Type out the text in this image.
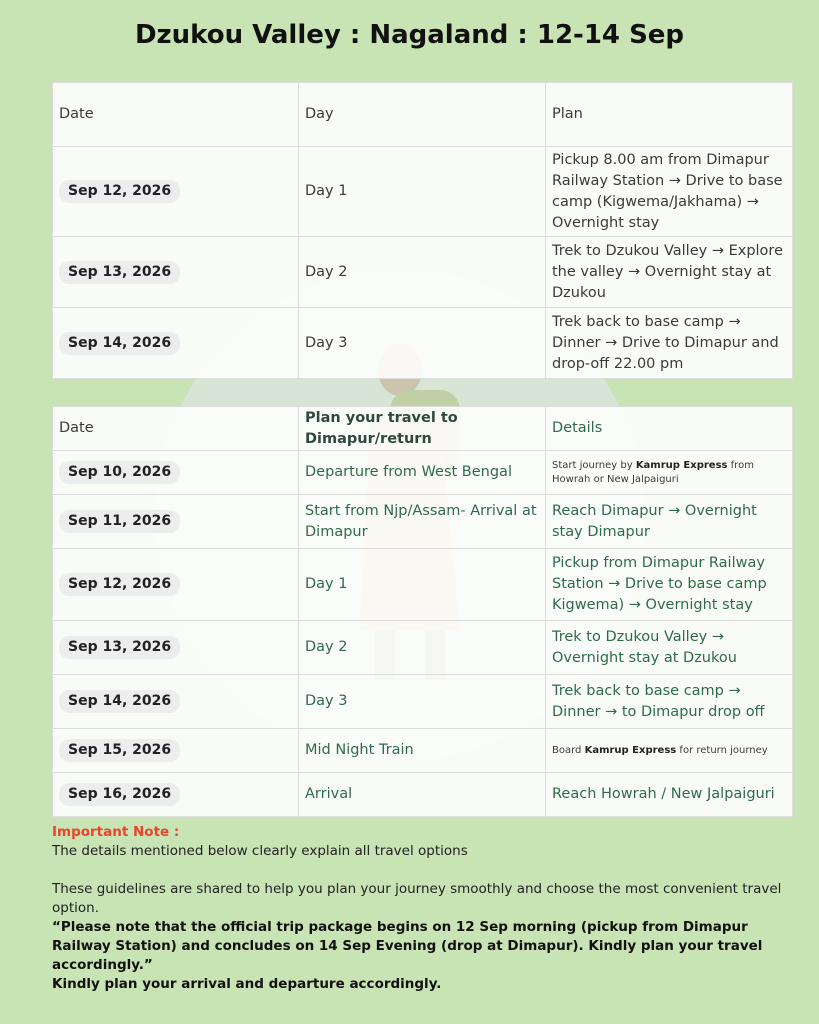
Dzukou Valley : Nagaland : 12-14 Sep
Date	Day	Plan
Sep 12, 2026	Day 1	Pickup 8.00 am from Dimapur Railway Station → Drive to base camp (Kigwema/Jakhama) → Overnight stay
Sep 13, 2026	Day 2	Trek to Dzukou Valley → Explore the valley → Overnight stay at Dzukou
Sep 14, 2026	Day 3	Trek back to base camp → Dinner → Drive to Dimapur and drop-off 22.00 pm
Date	Plan your travel to Dimapur/return	Details
Sep 10, 2026	Departure from West Bengal	Start journey by Kamrup Express from Howrah or New Jalpaiguri
Sep 11, 2026	Start from Njp/Assam- Arrival at Dimapur	Reach Dimapur → Overnight stay Dimapur
Sep 12, 2026	Day 1	Pickup from Dimapur Railway Station → Drive to base camp Kigwema) → Overnight stay
Sep 13, 2026	Day 2	Trek to Dzukou Valley → Overnight stay at Dzukou
Sep 14, 2026	Day 3	Trek back to base camp → Dinner → to Dimapur drop off
Sep 15, 2026	Mid Night Train	Board Kamrup Express for return journey
Sep 16, 2026	Arrival	Reach Howrah / New Jalpaiguri
Important Note :
The details mentioned below clearly explain all travel options
These guidelines are shared to help you plan your journey smoothly and choose the most convenient travel option.
“Please note that the official trip package begins on 12 Sep morning (pickup from Dimapur Railway Station) and concludes on 14 Sep Evening (drop at Dimapur). Kindly plan your travel accordingly.”
Kindly plan your arrival and departure accordingly.
